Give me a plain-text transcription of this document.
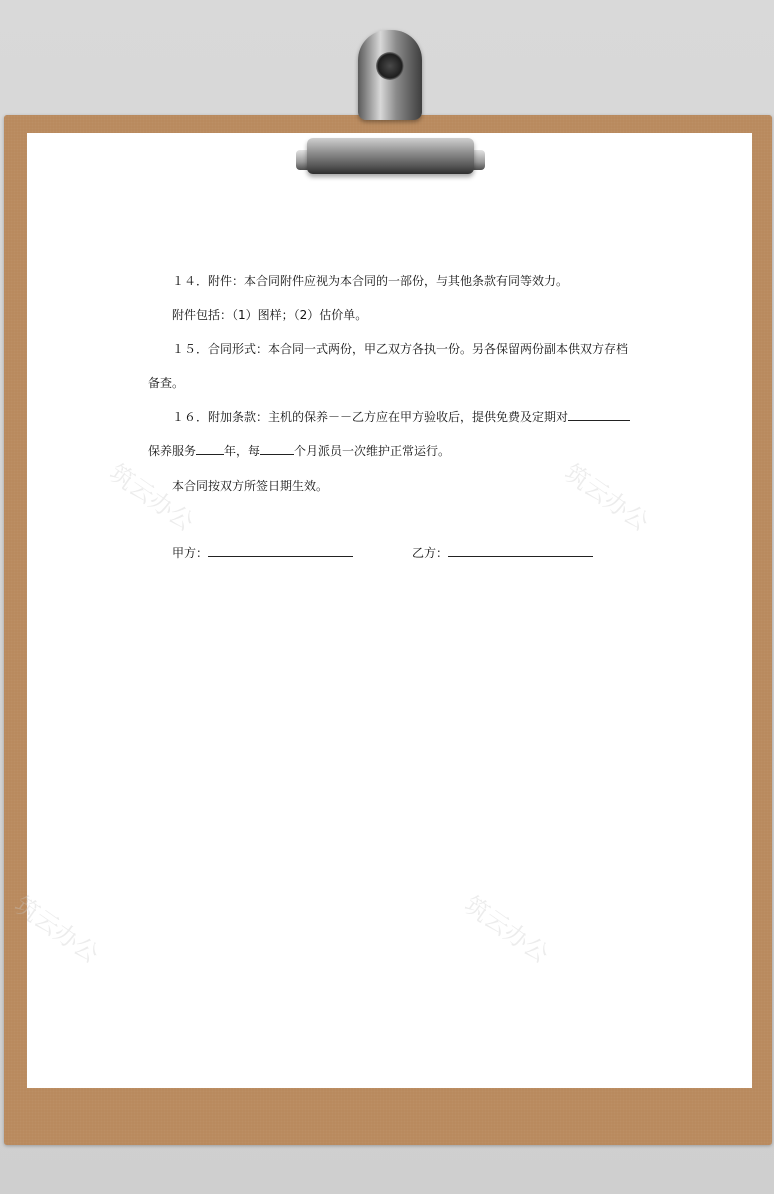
筑云办公	筑云办公
筑云办公	筑云办公
１４．附件：本合同附件应视为本合同的一部份，与其他条款有同等效力。
附件包括：（1）图样；（2）估价单。
１５．合同形式：本合同一式两份，甲乙双方各执一份。另各保留两份副本供双方存档
备查。
１６．附加条款：主机的保养－－乙方应在甲方验收后，提供免费及定期对
保养服务 年，每	个月派员一次维护正常运行。
本合同按双方所签日期生效。
甲方：	乙方：
